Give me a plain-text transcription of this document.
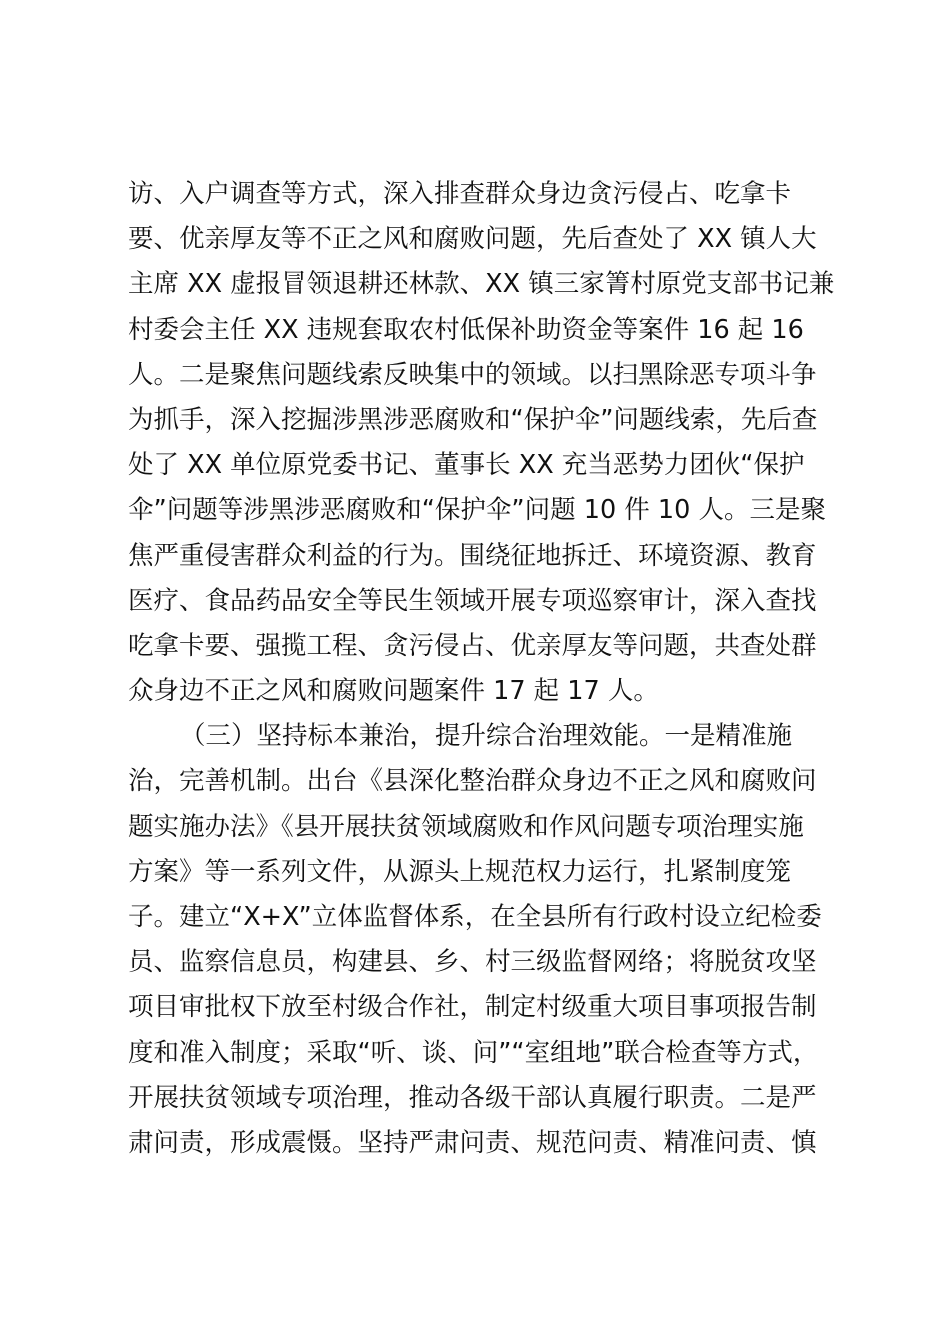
访、入户调查等方式，深入排查群众身边贪污侵占、吃拿卡
要、优亲厚友等不正之风和腐败问题，先后查处了 XX 镇人大
主席 XX 虚报冒领退耕还林款、XX 镇三家箐村原党支部书记兼
村委会主任 XX 违规套取农村低保补助资金等案件 16 起 16
人。二是聚焦问题线索反映集中的领域。以扫黑除恶专项斗争
为抓手，深入挖掘涉黑涉恶腐败和“保护伞”问题线索，先后查
处了 XX 单位原党委书记、董事长 XX 充当恶势力团伙“保护
伞”问题等涉黑涉恶腐败和“保护伞”问题 10 件 10 人。三是聚
焦严重侵害群众利益的行为。围绕征地拆迁、环境资源、教育
医疗、食品药品安全等民生领域开展专项巡察审计，深入查找
吃拿卡要、强揽工程、贪污侵占、优亲厚友等问题，共查处群
众身边不正之风和腐败问题案件 17 起 17 人。
（三）坚持标本兼治，提升综合治理效能。一是精准施
治，完善机制。出台《县深化整治群众身边不正之风和腐败问
题实施办法》《县开展扶贫领域腐败和作风问题专项治理实施
方案》等一系列文件，从源头上规范权力运行，扎紧制度笼
子。建立“X+X”立体监督体系，在全县所有行政村设立纪检委
员、监察信息员，构建县、乡、村三级监督网络；将脱贫攻坚
项目审批权下放至村级合作社，制定村级重大项目事项报告制
度和准入制度；采取“听、谈、问”“室组地”联合检查等方式，
开展扶贫领域专项治理，推动各级干部认真履行职责。二是严
肃问责，形成震慑。坚持严肃问责、规范问责、精准问责、慎
